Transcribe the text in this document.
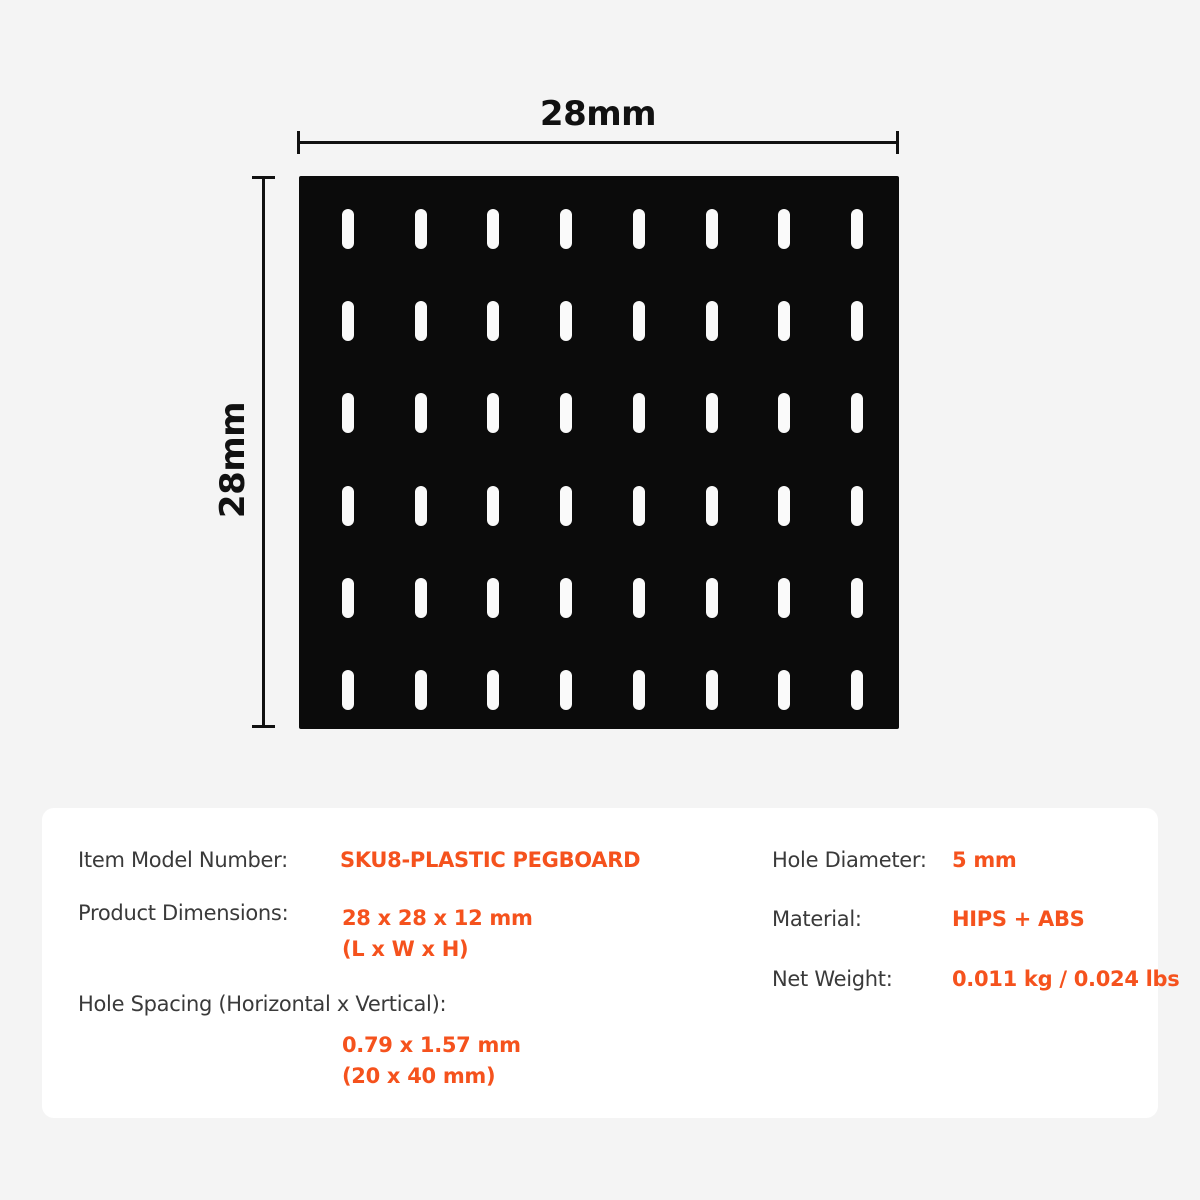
28mm
28mm
Item Model Number: SKU8-PLASTIC PEGBOARD
Product Dimensions:	28 x 28 x 12 mm
(L x W x H)
Hole Spacing (Horizontal x Vertical):
0.79 x 1.57 mm
(20 x 40 mm)
Hole Diameter: 5 mm
Material:	HIPS + ABS
Net Weight:	0.011 kg / 0.024 lbs
